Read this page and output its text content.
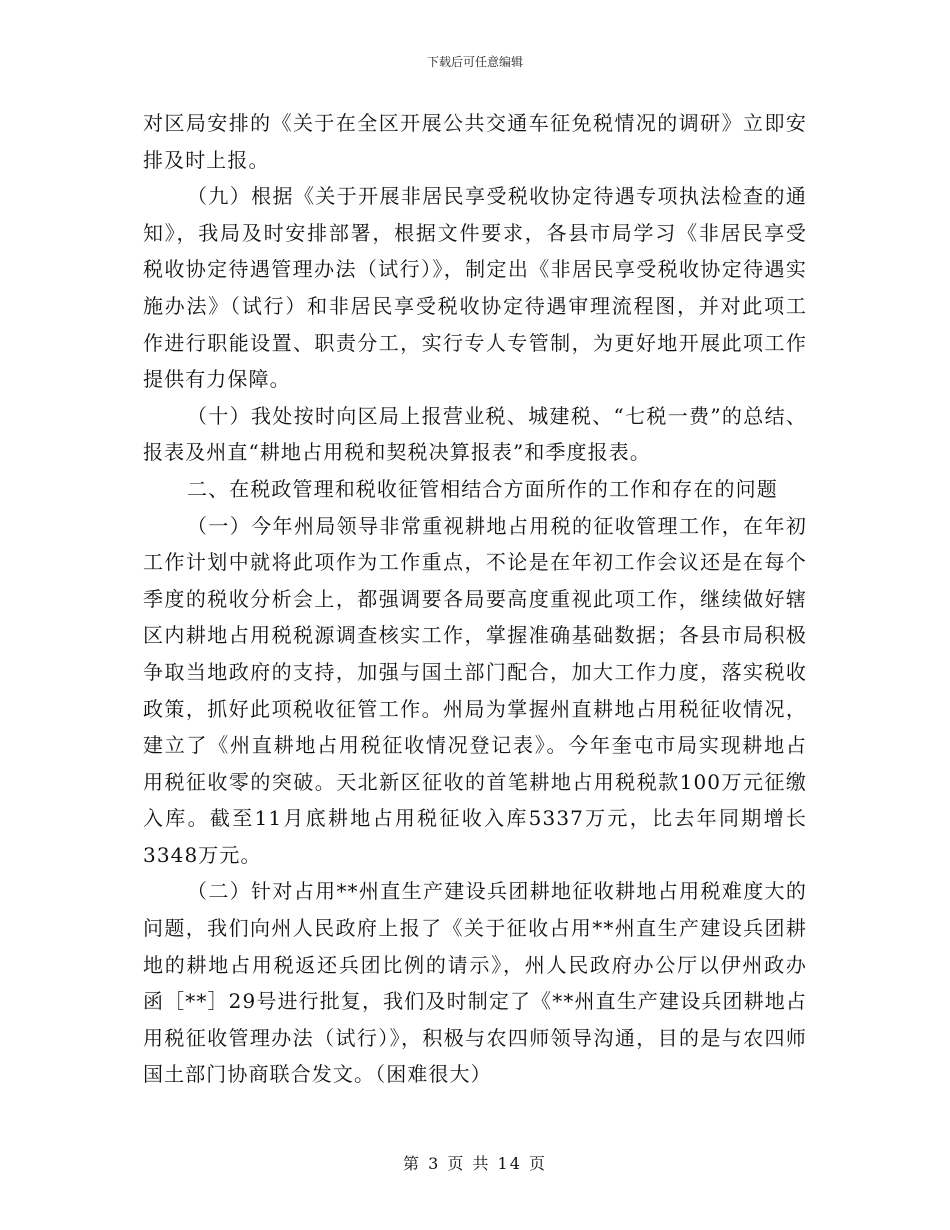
下载后可任意编辑

对区局安排的《关于在全区开展公共交通车征免税情况的调研》立即安排及时上报。

（九）根据《关于开展非居民享受税收协定待遇专项执法检查的通知》，我局及时安排部署，根据文件要求，各县市局学习《非居民享受税收协定待遇管理办法（试行）》，制定出《非居民享受税收协定待遇实施办法》（试行）和非居民享受税收协定待遇审理流程图，并对此项工作进行职能设置、职责分工，实行专人专管制，为更好地开展此项工作提供有力保障。

（十）我处按时向区局上报营业税、城建税、“七税一费”的总结、报表及州直“耕地占用税和契税决算报表”和季度报表。

二、在税政管理和税收征管相结合方面所作的工作和存在的问题

（一）今年州局领导非常重视耕地占用税的征收管理工作，在年初工作计划中就将此项作为工作重点，不论是在年初工作会议还是在每个季度的税收分析会上，都强调要各局要高度重视此项工作，继续做好辖区内耕地占用税税源调查核实工作，掌握准确基础数据；各县市局积极争取当地政府的支持，加强与国土部门配合，加大工作力度，落实税收政策，抓好此项税收征管工作。州局为掌握州直耕地占用税征收情况，建立了《州直耕地占用税征收情况登记表》。今年奎屯市局实现耕地占用税征收零的突破。天北新区征收的首笔耕地占用税税款100万元征缴入库。截至11月底耕地占用税征收入库5337万元，比去年同期增长3348万元。

（二）针对占用**州直生产建设兵团耕地征收耕地占用税难度大的问题，我们向州人民政府上报了《关于征收占用**州直生产建设兵团耕地的耕地占用税返还兵团比例的请示》，州人民政府办公厅以伊州政办函［**］29号进行批复，我们及时制定了《**州直生产建设兵团耕地占用税征收管理办法（试行）》，积极与农四师领导沟通，目的是与农四师国土部门协商联合发文。（困难很大）

第 3 页 共 14 页
